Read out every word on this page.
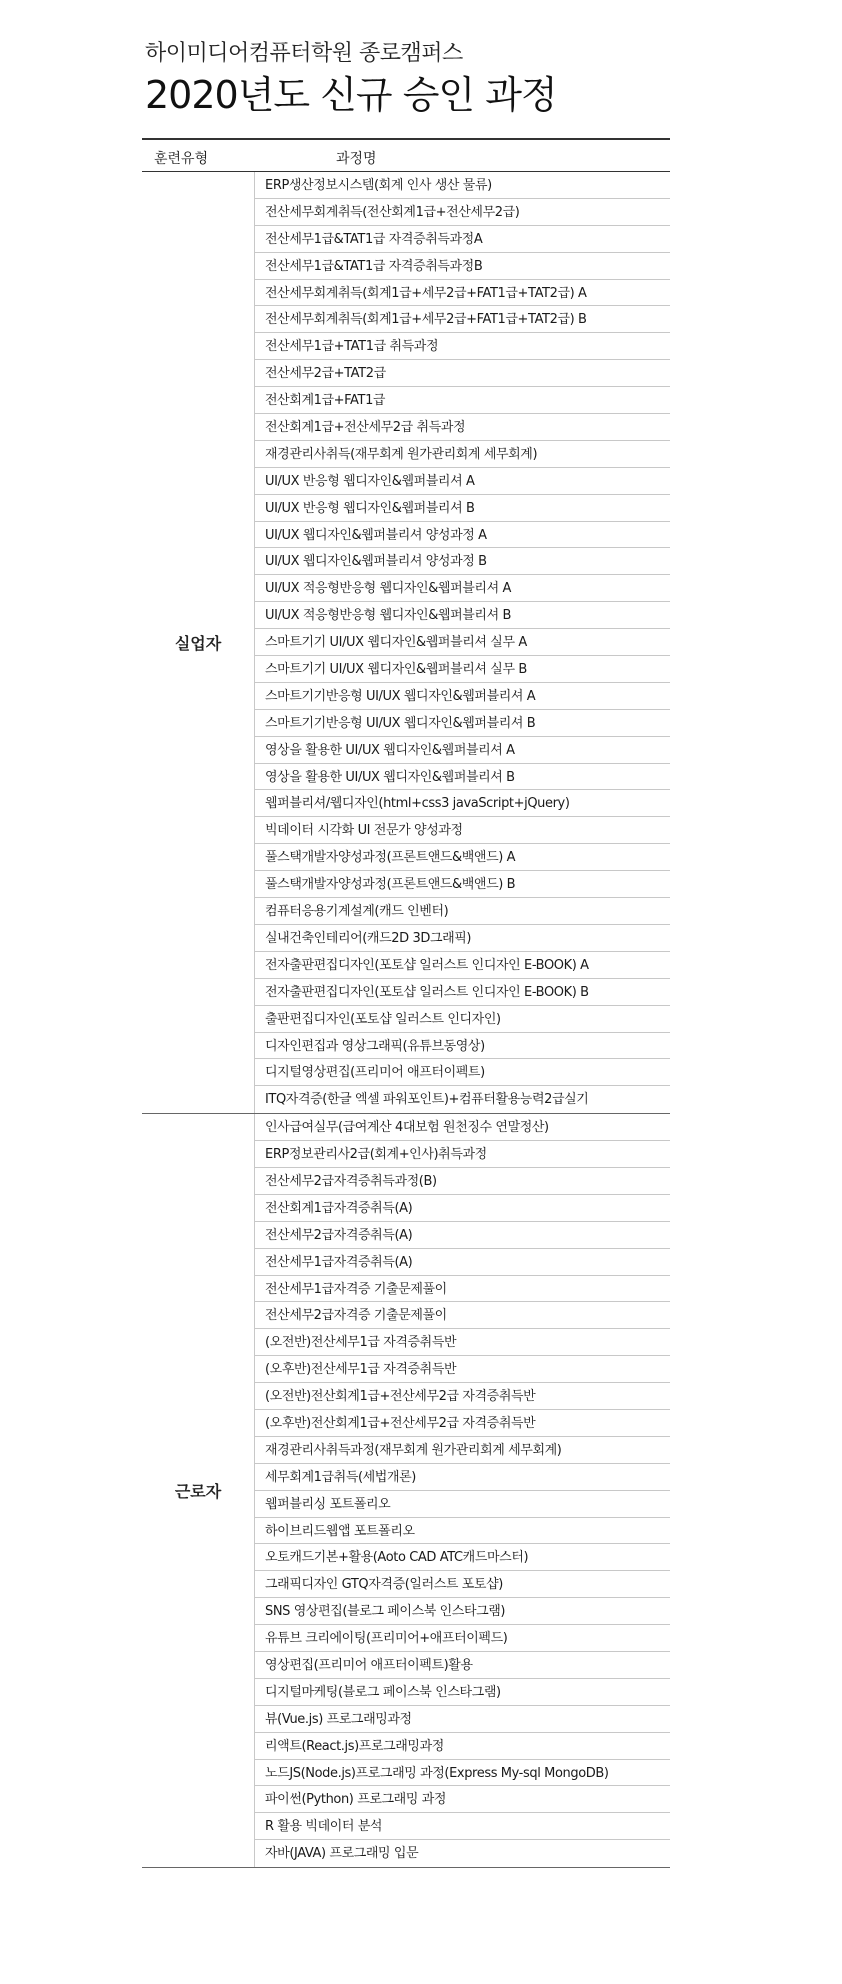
하이미디어컴퓨터학원 종로캠퍼스
2020년도 신규 승인 과정
훈련유형	과정명
실업자
ERP생산정보시스템(회계 인사 생산 물류)
전산세무회계취득(전산회계1급+전산세무2급)
전산세무1급&TAT1급 자격증취득과정A
전산세무1급&TAT1급 자격증취득과정B
전산세무회계취득(회계1급+세무2급+FAT1급+TAT2급) A
전산세무회계취득(회계1급+세무2급+FAT1급+TAT2급) B
전산세무1급+TAT1급 취득과정
전산세무2급+TAT2급
전산회계1급+FAT1급
전산회계1급+전산세무2급 취득과정
재경관리사취득(재무회계 원가관리회계 세무회계)
UI/UX 반응형 웹디자인&웹퍼블리셔 A
UI/UX 반응형 웹디자인&웹퍼블리셔 B
UI/UX 웹디자인&웹퍼블리셔 양성과정 A
UI/UX 웹디자인&웹퍼블리셔 양성과정 B
UI/UX 적응형반응형 웹디자인&웹퍼블리셔 A
UI/UX 적응형반응형 웹디자인&웹퍼블리셔 B
스마트기기 UI/UX 웹디자인&웹퍼블리셔 실무 A
스마트기기 UI/UX 웹디자인&웹퍼블리셔 실무 B
스마트기기반응형 UI/UX 웹디자인&웹퍼블리셔 A
스마트기기반응형 UI/UX 웹디자인&웹퍼블리셔 B
영상을 활용한 UI/UX 웹디자인&웹퍼블리셔 A
영상을 활용한 UI/UX 웹디자인&웹퍼블리셔 B
웹퍼블리셔/웹디자인(html+css3 javaScript+jQuery)
빅데이터 시각화 UI 전문가 양성과정
풀스택개발자양성과정(프론트앤드&백앤드) A
풀스택개발자양성과정(프론트앤드&백앤드) B
컴퓨터응용기계설계(캐드 인벤터)
실내건축인테리어(캐드2D 3D그래픽)
전자출판편집디자인(포토샵 일러스트 인디자인 E-BOOK) A
전자출판편집디자인(포토샵 일러스트 인디자인 E-BOOK) B
출판편집디자인(포토샵 일러스트 인디자인)
디자인편집과 영상그래픽(유튜브동영상)
디지털영상편집(프리미어 애프터이펙트)
ITQ자격증(한글 엑셀 파워포인트)+컴퓨터활용능력2급실기
근로자
인사급여실무(급여계산 4대보험 원천징수 연말정산)
ERP정보관리사2급(회계+인사)취득과정
전산세무2급자격증취득과정(B)
전산회계1급자격증취득(A)
전산세무2급자격증취득(A)
전산세무1급자격증취득(A)
전산세무1급자격증 기출문제풀이
전산세무2급자격증 기출문제풀이
(오전반)전산세무1급 자격증취득반
(오후반)전산세무1급 자격증취득반
(오전반)전산회계1급+전산세무2급 자격증취득반
(오후반)전산회계1급+전산세무2급 자격증취득반
재경관리사취득과정(재무회계 원가관리회계 세무회계)
세무회계1급취득(세법개론)
웹퍼블리싱 포트폴리오
하이브리드웹앱 포트폴리오
오토캐드기본+활용(Aoto CAD ATC캐드마스터)
그래픽디자인 GTQ자격증(일러스트 포토샵)
SNS 영상편집(블로그 페이스북 인스타그램)
유튜브 크리에이팅(프리미어+애프터이펙드)
영상편집(프리미어 애프터이펙트)활용
디지털마케팅(블로그 페이스북 인스타그램)
뷰(Vue.js) 프로그래밍과정
리액트(React.js)프로그래밍과정
노드JS(Node.js)프로그래밍 과정(Express My-sql MongoDB)
파이썬(Python) 프로그래밍 과정
R 활용 빅데이터 분석
자바(JAVA) 프로그래밍 입문
